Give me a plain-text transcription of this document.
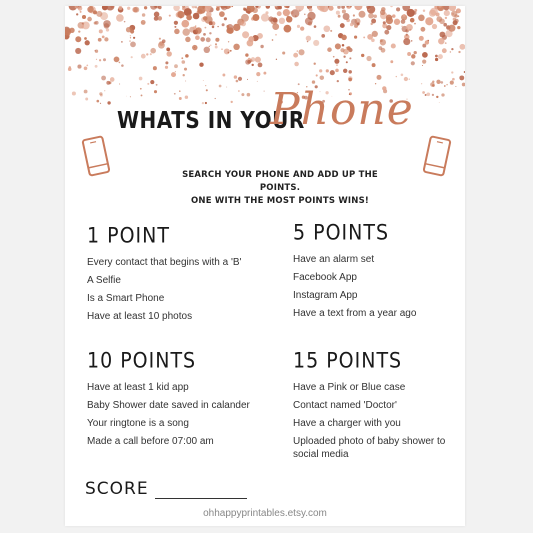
WHATS IN YOUR
Phone
SEARCH YOUR PHONE AND ADD UP THE POINTS.
ONE WITH THE MOST POINTS WINS!
1 POINT
Every contact that begins with a 'B'
A Selfie
Is a Smart Phone
Have at least 10 photos
5 POINTS
Have an alarm set
Facebook App
Instagram App
Have a text from a year ago
10 POINTS
Have at least 1 kid app
Baby Shower date saved in calander
Your ringtone is a song
Made a call before 07:00 am
15 POINTS
Have a Pink or Blue case
Contact named 'Doctor'
Have a charger with you
Uploaded photo of baby shower to social media
SCORE
ohhappyprintables.etsy.com
